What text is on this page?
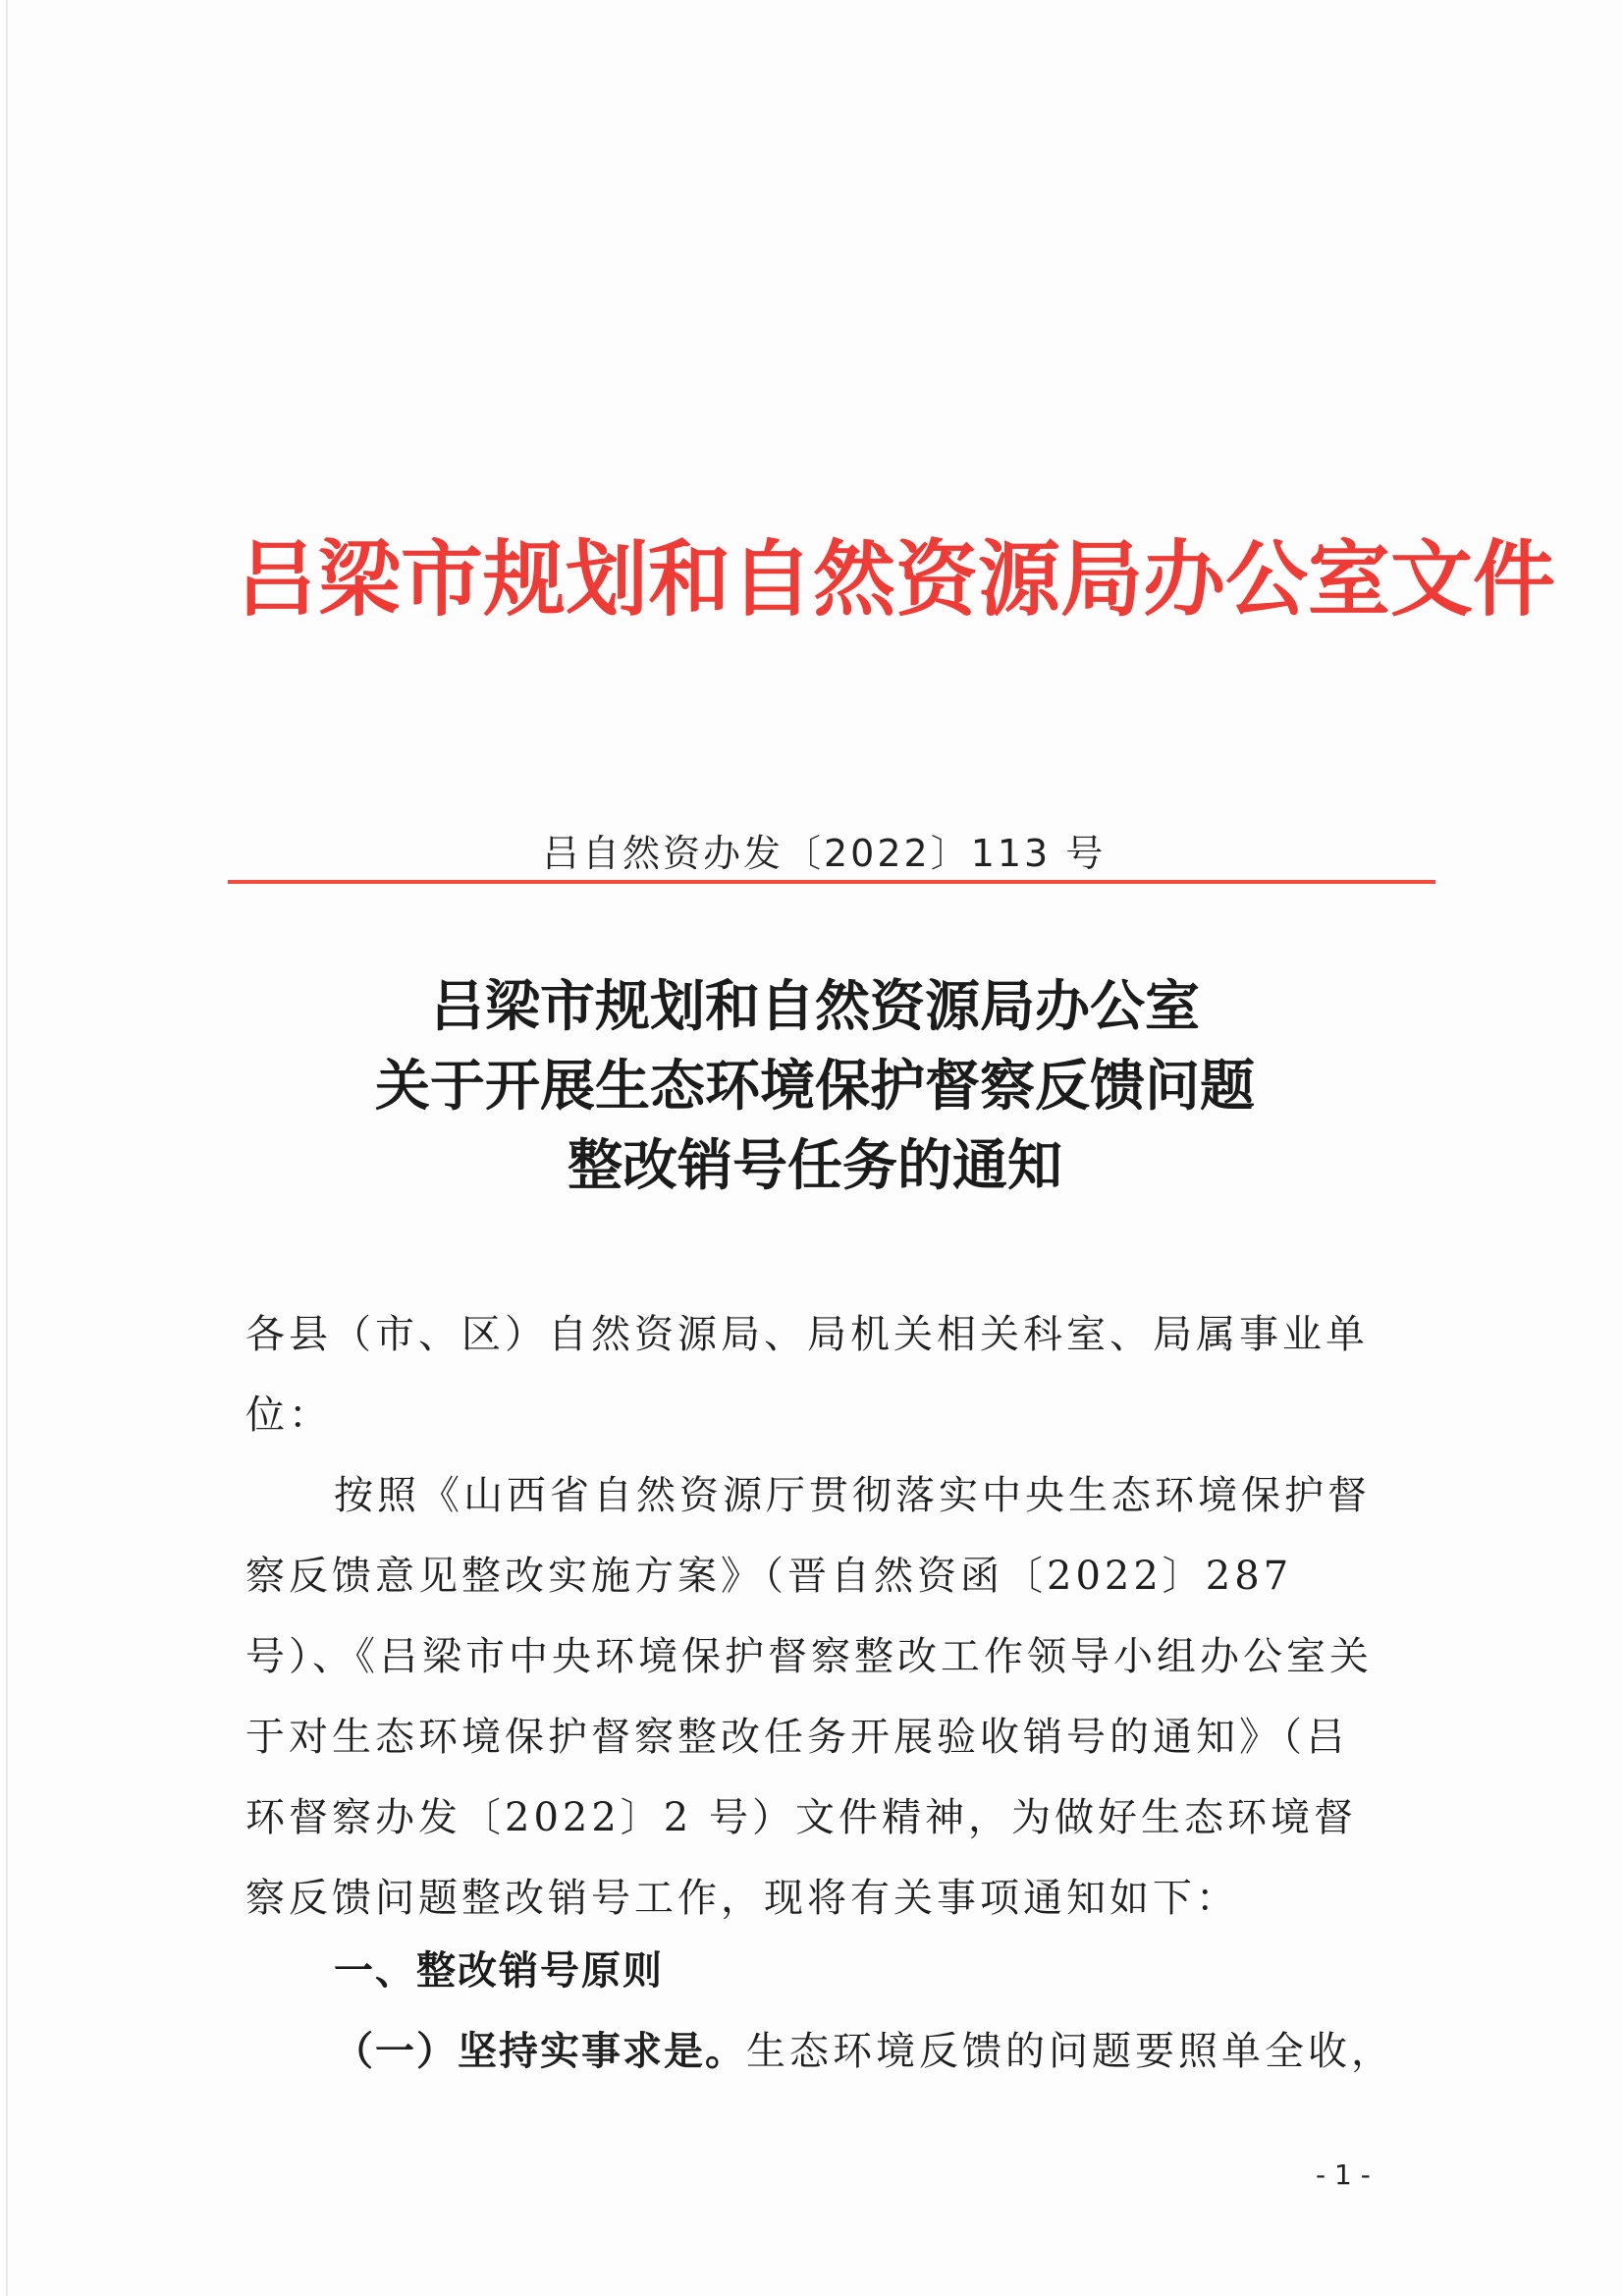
吕梁市规划和自然资源局办公室文件
吕自然资办发〔2022〕113 号
吕梁市规划和自然资源局办公室
关于开展生态环境保护督察反馈问题
整改销号任务的通知
各县（市、区）自然资源局、局机关相关科室、局属事业单位：
按照《山西省自然资源厅贯彻落实中央生态环境保护督察反馈意见整改实施方案》（晋自然资函〔2022〕287 号）、《吕梁市中央环境保护督察整改工作领导小组办公室关于对生态环境保护督察整改任务开展验收销号的通知》（吕环督察办发〔2022〕2 号）文件精神，为做好生态环境督察反馈问题整改销号工作，现将有关事项通知如下：
一、整改销号原则
（一）坚持实事求是。生态环境反馈的问题要照单全收，
- 1 -
